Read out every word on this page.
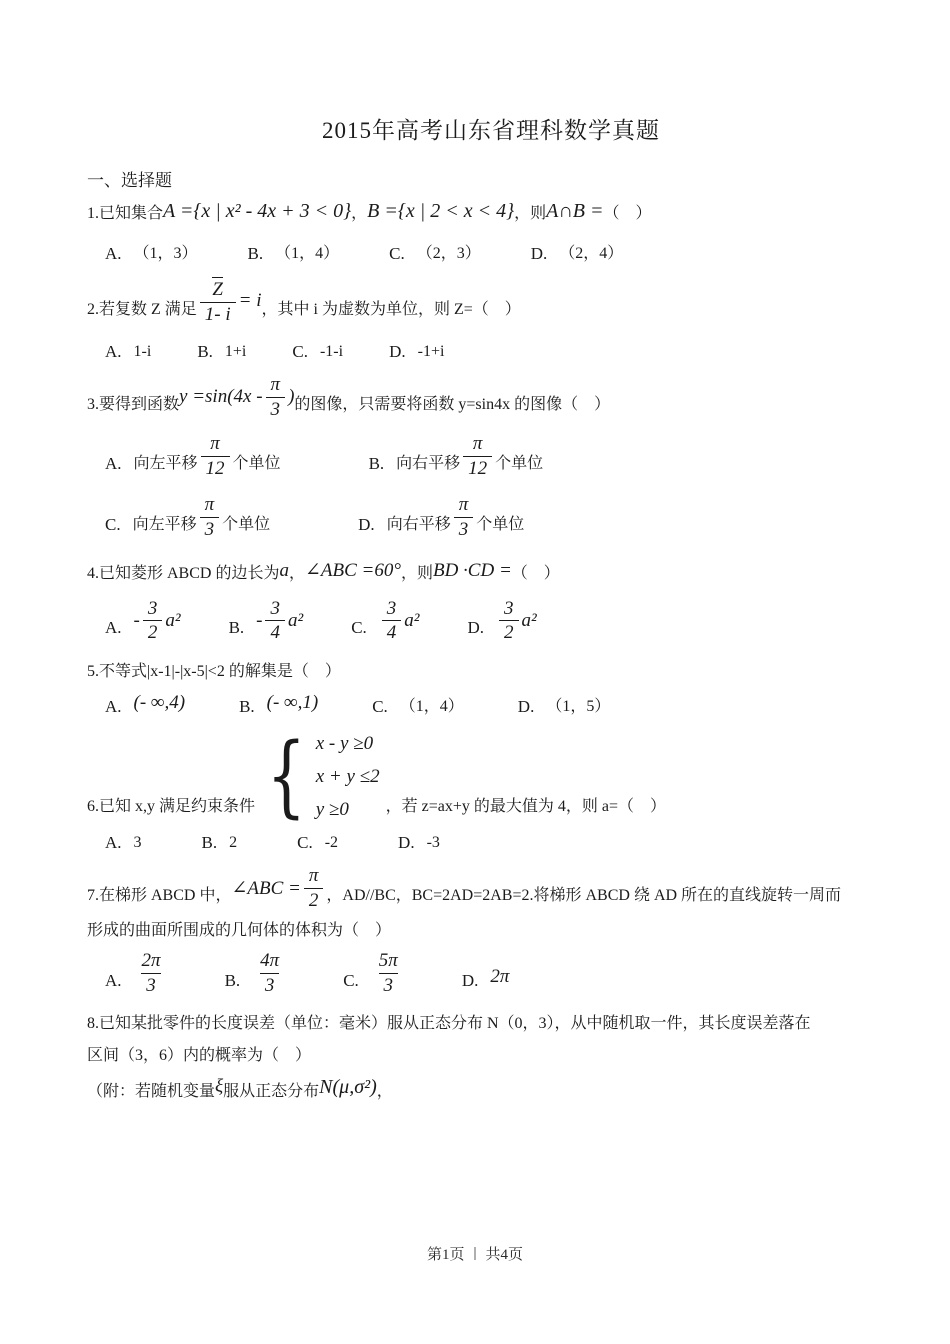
2015年高考山东省理科数学真题
一、选择题
1.已知集合 A ={x | x² - 4x + 3 < 0} ， B ={x | 2 < x < 4} ，则 A∩B = （　）
A. （1，3）	B. （1，4）	C. （2，3）	D. （2，4）
2.若复数 Z 满足 $\frac{Z}{1- i} = i$ ，其中 i 为虚数为单位，则 Z=（　）
A. 1-i	B. 1+i	C. -1-i	D. -1+i
3.要得到函数 $y =\sin(4x - \frac{\pi}{3}$ ) 的图像，只需要将函数 y=sin4x 的图像（　）
A. 向左平移 $\frac{\pi}{12}$ 个单位	B. 向右平移 $\frac{\pi}{12}$ 个单位
C. 向左平移 $\frac{\pi}{3}$ 个单位	D. 向右平移 $\frac{\pi}{3}$ 个单位
4.已知菱形 ABCD 的边长为 a ， ∠ABC =60° ，则 BD ·CD = （　）
A. - $\frac{3}{2} a^2$	B. - $\frac{3}{4} a^2$	C. $\frac{3}{4} a^2$	D. $\frac{3}{2} a^2$
5.不等式|x-1|-|x-5|<2 的解集是（　）
A. (- ∞,4)	B. (- ∞,1)	C. （1，4）	D. （1，5）
6.已知 x,y 满足约束条件 { x - y ≥0
x + y ≤2
y ≥0	，若 z=ax+y 的最大值为 4，则 a=（　）
A. 3	B. 2	C. -2	D. -3
7.在梯形 ABCD 中， ∠ABC = $\frac{\pi}{2}$ ，AD//BC，BC=2AD=2AB=2.将梯形 ABCD 绕 AD 所在的直线旋转一周而
形成的曲面所围成的几何体的体积为（　）
A. $\frac{2\pi}{3}$	B. $\frac{4\pi}{3}$	C. $\frac{5\pi}{3}$	D. 2π
8.已知某批零件的长度误差（单位：毫米）服从正态分布 N（0，3），从中随机取一件，其长度误差落在
区间（3，6）内的概率为（　）
（附：若随机变量 ξ 服从正态分布 N(μ,σ²) ，
第1页 | 共4页
